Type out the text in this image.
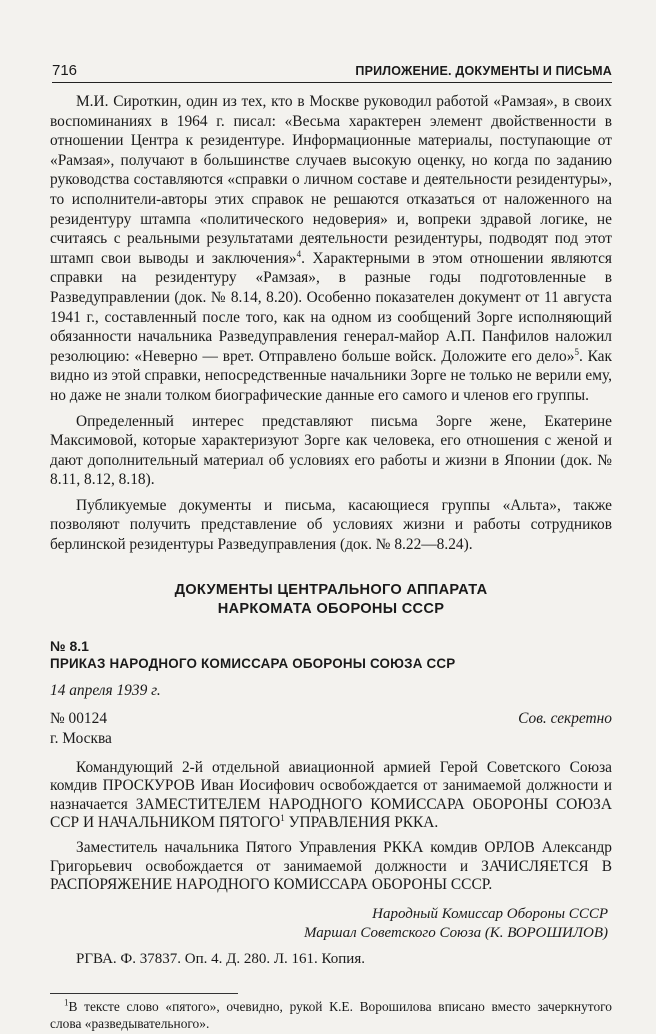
716	ПРИЛОЖЕНИЕ. ДОКУМЕНТЫ И ПИСЬМА

М.И. Сироткин, один из тех, кто в Москве руководил работой «Рамзая», в своих воспоминаниях в 1964 г. писал: «Весьма характерен элемент двойственности в отношении Центра к резидентуре. Информационные материалы, поступающие от «Рамзая», получают в большинстве случаев высокую оценку, но когда по заданию руководства составляются «справки о личном составе и деятельности резидентуры», то исполнители-авторы этих справок не решаются отказаться от наложенного на резидентуру штампа «политического недоверия» и, вопреки здравой логике, не считаясь с реальными результатами деятельности резидентуры, подводят под этот штамп свои выводы и заключения»$^4$. Характерными в этом отношении являются справки на резидентуру «Рамзая», в разные годы подготовленные в Разведуправлении (док. № 8.14, 8.20). Особенно показателен документ от 11 августа 1941 г., составленный после того, как на одном из сообщений Зорге исполняющий обязанности начальника Разведуправления генерал-майор А.П. Панфилов наложил резолюцию: «Неверно — врет. Отправлено больше войск. Доложите его дело»$^5$. Как видно из этой справки, непосредственные начальники Зорге не только не верили ему, но даже не знали толком биографические данные его самого и членов его группы.

Определенный интерес представляют письма Зорге жене, Екатерине Максимовой, которые характеризуют Зорге как человека, его отношения с женой и дают дополнительный материал об условиях его работы и жизни в Японии (док. № 8.11, 8.12, 8.18).

Публикуемые документы и письма, касающиеся группы «Альта», также позволяют получить представление об условиях жизни и работы сотрудников берлинской резидентуры Разведуправления (док. № 8.22—8.24).

ДОКУМЕНТЫ ЦЕНТРАЛЬНОГО АППАРАТА
НАРКОМАТА ОБОРОНЫ СССР
№ 8.1
ПРИКАЗ НАРОДНОГО КОМИССАРА ОБОРОНЫ СОЮЗА ССР
14 апреля 1939 г.
№ 00124	Сов. секретно
г. Москва

Командующий 2-й отдельной авиационной армией Герой Советского Союза комдив ПРОСКУРОВ Иван Иосифович освобождается от занимаемой должности и назначается ЗАМЕСТИТЕЛЕМ НАРОДНОГО КОМИССАРА ОБОРОНЫ СОЮЗА ССР И НАЧАЛЬНИКОМ ПЯТОГО$^1$ УПРАВЛЕНИЯ РККА.

Заместитель начальника Пятого Управления РККА комдив ОРЛОВ Александр Григорьевич освобождается от занимаемой должности и ЗАЧИСЛЯЕТСЯ В РАСПОРЯЖЕНИЕ НАРОДНОГО КОМИССАРА ОБОРОНЫ СССР.

Народный Комиссар Обороны СССР
Маршал Советского Союза (К. ВОРОШИЛОВ)
РГВА. Ф. 37837. Оп. 4. Д. 280. Л. 161. Копия.
$^1$В тексте слово «пятого», очевидно, рукой К.Е. Ворошилова вписано вместо зачеркнутого слова «разведывательного».
